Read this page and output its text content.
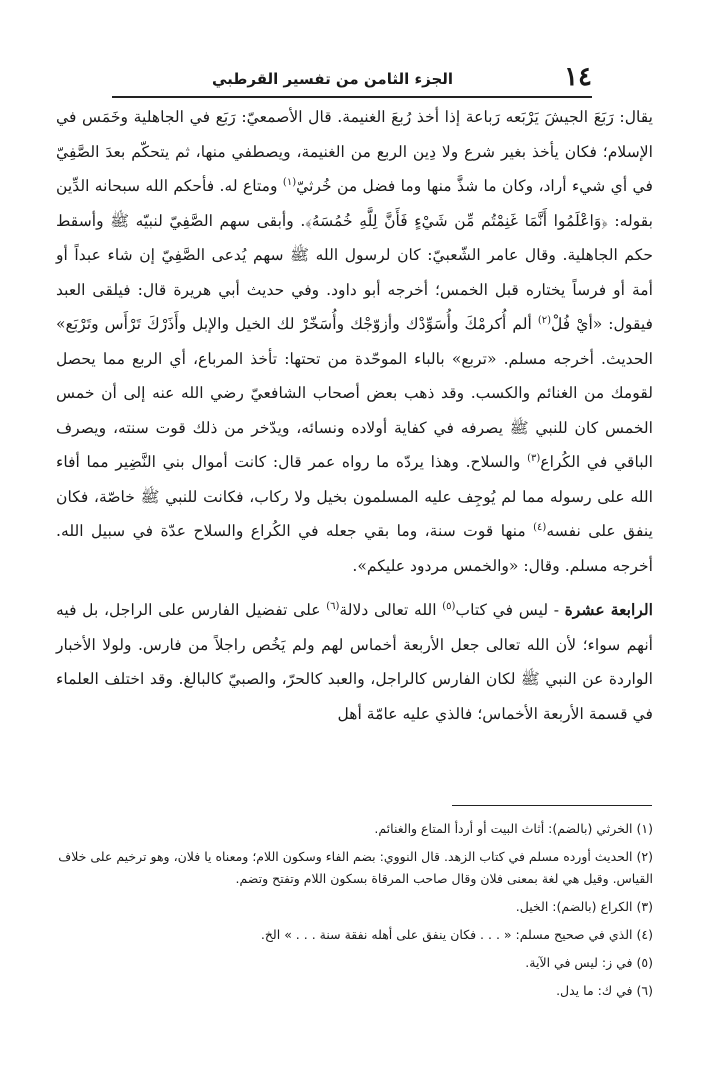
١٤
الجزء الثامن من تفسير القرطبي

يقال: رَبَعَ الجيشَ يَرْبَعه رَباعة إذا أخذ رُبعَ الغنيمة. قال الأصمعيّ: رَبَع في الجاهلية وخَمَس في الإسلام؛ فكان يأخذ بغير شرع ولا دِين الربع من الغنيمة، ويصطفي منها، ثم يتحكّم بعدَ الصَّفِيّ في أي شيء أراد، وكان ما شذَّ منها وما فضل من خُرثيّ$^{(١)}$ ومتاع له. فأحكم الله سبحانه الدِّين بقوله: ﴿وَاعْلَمُوا أَنَّمَا غَنِمْتُم مِّن شَيْءٍ فَأَنَّ لِلَّهِ خُمُسَهُ﴾. وأبقى سهم الصَّفِيّ لنبيّه ﷺ وأسقط حكم الجاهلية. وقال عامر الشّعبيّ: كان لرسول الله ﷺ سهم يُدعى الصَّفِيّ إن شاء عبداً أو أمة أو فرساً يختاره قبل الخمس؛ أخرجه أبو داود. وفي حديث أبي هريرة قال: فيلقى العبد فيقول: «أيْ فُلْ$^{(٢)}$ ألم أُكرمْكَ وأُسَوِّدْك وأزوّجْك وأُسَخّرْ لك الخيل والإبل وأَذَرْكَ تَرْأَس وتَرْبَع» الحديث. أخرجه مسلم. «تربع» بالباء الموحّدة من تحتها: تأخذ المرباع، أي الربع مما يحصل لقومك من الغنائم والكسب. وقد ذهب بعض أصحاب الشافعيّ رضي الله عنه إلى أن خمس الخمس كان للنبي ﷺ يصرفه في كفاية أولاده ونسائه، ويدّخر من ذلك قوت سنته، ويصرف الباقي في الكُراع$^{(٣)}$ والسلاح. وهذا يردّه ما رواه عمر قال: كانت أموال بني النَّضِير مما أفاء الله على رسوله مما لم يُوجِف عليه المسلمون بخيل ولا ركاب، فكانت للنبي ﷺ خاصّة، فكان ينفق على نفسه$^{(٤)}$ منها قوت سنة، وما بقي جعله في الكُراع والسلاح عدّة في سبيل الله. أخرجه مسلم. وقال: «والخمس مردود عليكم».

الرابعة عشرة - ليس في كتاب$^{(٥)}$ الله تعالى دلالة$^{(٦)}$ على تفضيل الفارس على الراجل، بل فيه أنهم سواء؛ لأن الله تعالى جعل الأربعة أخماس لهم ولم يَخُص راجلاً من فارس. ولولا الأخبار الواردة عن النبي ﷺ لكان الفارس كالراجل، والعبد كالحرّ، والصبيّ كالبالغ. وقد اختلف العلماء في قسمة الأربعة الأخماس؛ فالذي عليه عامّة أهل

(١)الخرثي (بالضم): أثاث البيت أو أردأ المتاع والغنائم.

(٢)الحديث أورده مسلم في كتاب الزهد. قال النووي: بضم الفاء وسكون اللام؛ ومعناه يا فلان، وهو ترخيم على خلاف القياس. وقيل هي لغة بمعنى فلان وقال صاحب المرقاة بسكون اللام وتفتح وتضم.

(٣)الكراع (بالضم): الخيل.

(٤)الذي في صحيح مسلم: « . . . فكان ينفق على أهله نفقة سنة . . . » الخ.

(٥)في ز: ليس في الآية.

(٦)في ك: ما يدل.
